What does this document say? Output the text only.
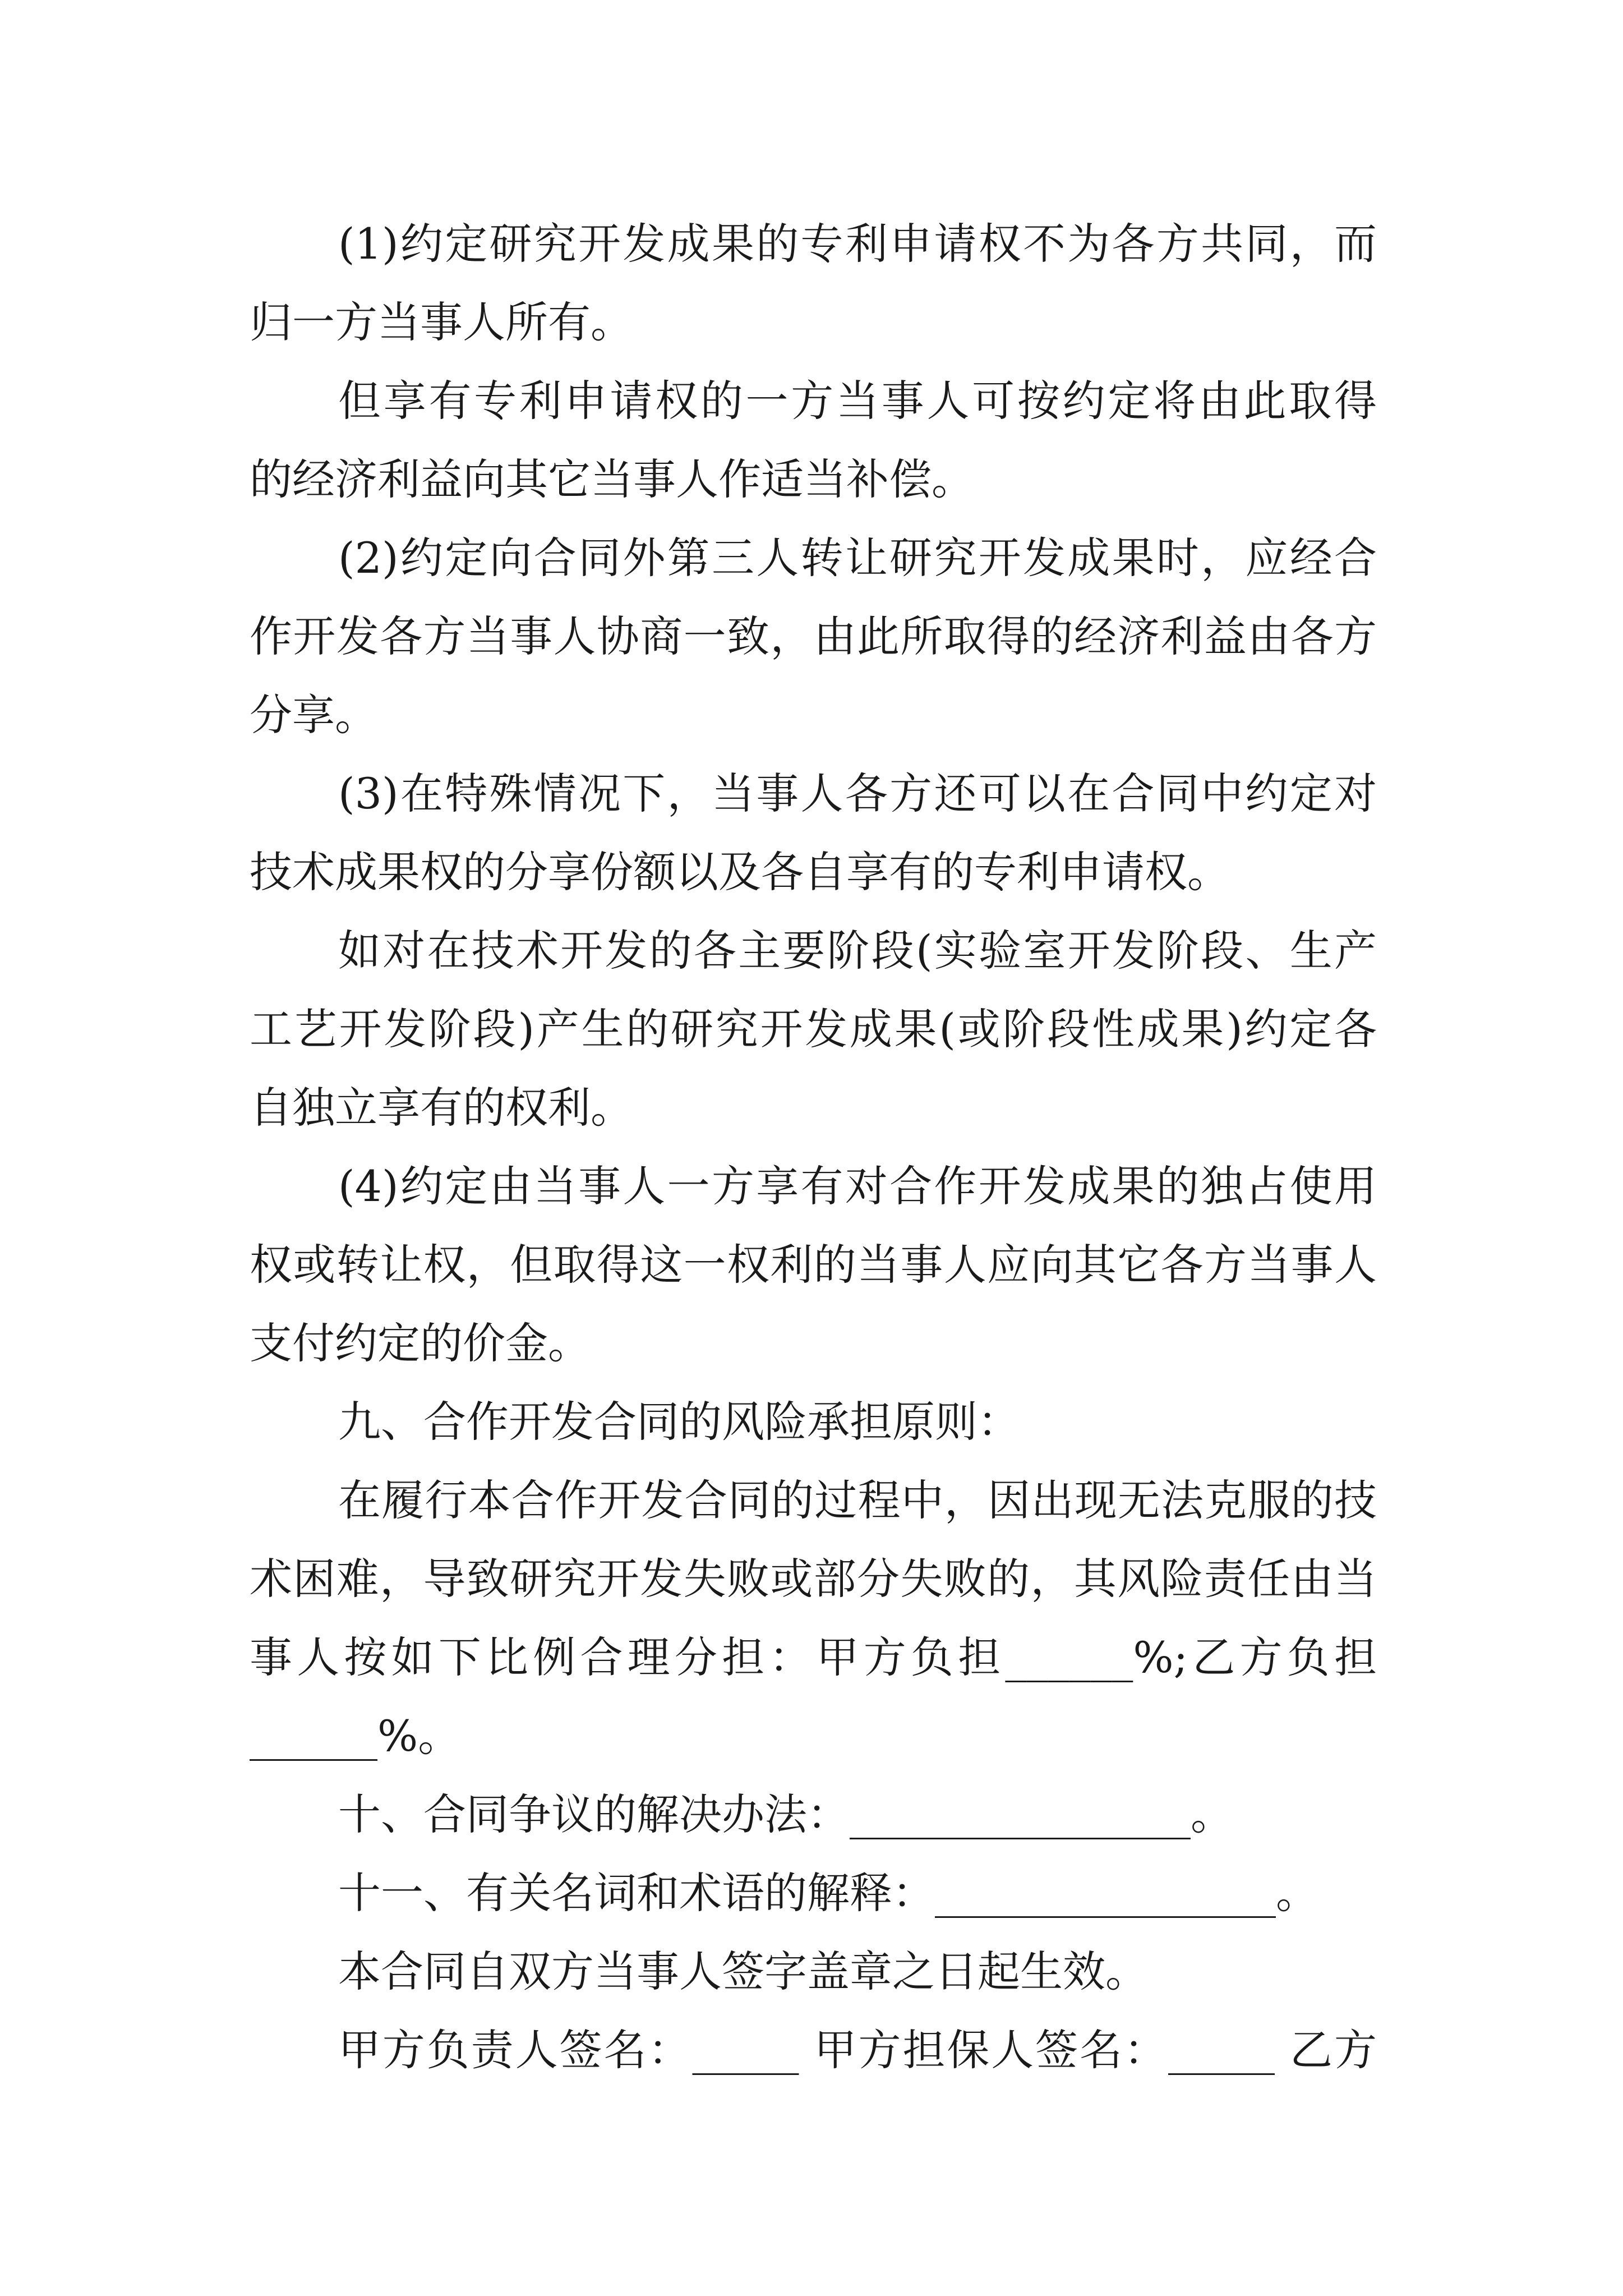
(1)约定研究开发成果的专利申请权不为各方共同，而
归一方当事人所有。
但享有专利申请权的一方当事人可按约定将由此取得
的经济利益向其它当事人作适当补偿。
(2)约定向合同外第三人转让研究开发成果时，应经合
作开发各方当事人协商一致，由此所取得的经济利益由各方
分享。
(3)在特殊情况下，当事人各方还可以在合同中约定对
技术成果权的分享份额以及各自享有的专利申请权。
如对在技术开发的各主要阶段(实验室开发阶段、生产
工艺开发阶段)产生的研究开发成果(或阶段性成果)约定各
自独立享有的权利。
(4)约定由当事人一方享有对合作开发成果的独占使用
权或转让权，但取得这一权利的当事人应向其它各方当事人
支付约定的价金。
九、合作开发合同的风险承担原则：
在履行本合作开发合同的过程中，因出现无法克服的技
术困难，导致研究开发失败或部分失败的，其风险责任由当
事人按如下比例合理分担：甲方负担______%;乙方负担
______%。
十、合同争议的解决办法：________________。
十一、有关名词和术语的解释：________________。
本合同自双方当事人签字盖章之日起生效。
甲方负责人签名：_____ 甲方担保人签名：_____ 乙方
